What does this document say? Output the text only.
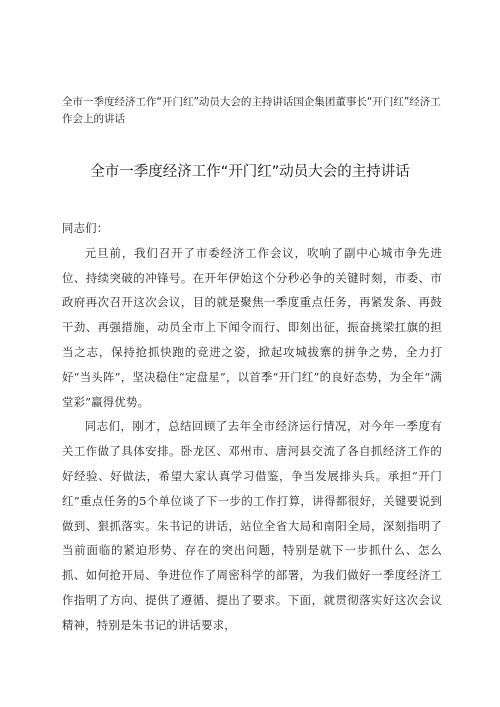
全市一季度经济工作“开门红”动员大会的主持讲话国企集团董事长“开门红”经济工作会上的讲话
全市一季度经济工作“开门红”动员大会的主持讲话

同志们：

元旦前，我们召开了市委经济工作会议，吹响了副中心城市争先进位、持续突破的冲锋号。在开年伊始这个分秒必争的关键时刻，市委、市政府再次召开这次会议，目的就是聚焦一季度重点任务，再紧发条、再鼓干劲、再强措施，动员全市上下闻令而行、即刻出征，振奋挑梁扛旗的担当之志，保持抢抓快跑的竞进之姿，掀起攻城拔寨的拼争之势，全力打好“当头阵”，坚决稳住“定盘星”，以首季“开门红”的良好态势，为全年“满堂彩”赢得优势。

同志们，刚才，总结回顾了去年全市经济运行情况，对今年一季度有关工作做了具体安排。卧龙区、邓州市、唐河县交流了各自抓经济工作的好经验、好做法，希望大家认真学习借鉴，争当发展排头兵。承担“开门红”重点任务的5个单位谈了下一步的工作打算，讲得都很好，关键要说到做到、狠抓落实。朱书记的讲话，站位全省大局和南阳全局，深刻指明了当前面临的紧迫形势、存在的突出问题，特别是就下一步抓什么、怎么抓、如何抢开局、争进位作了周密科学的部署，为我们做好一季度经济工作指明了方向、提供了遵循、提出了要求。下面，就贯彻落实好这次会议精神，特别是朱书记的讲话要求，
